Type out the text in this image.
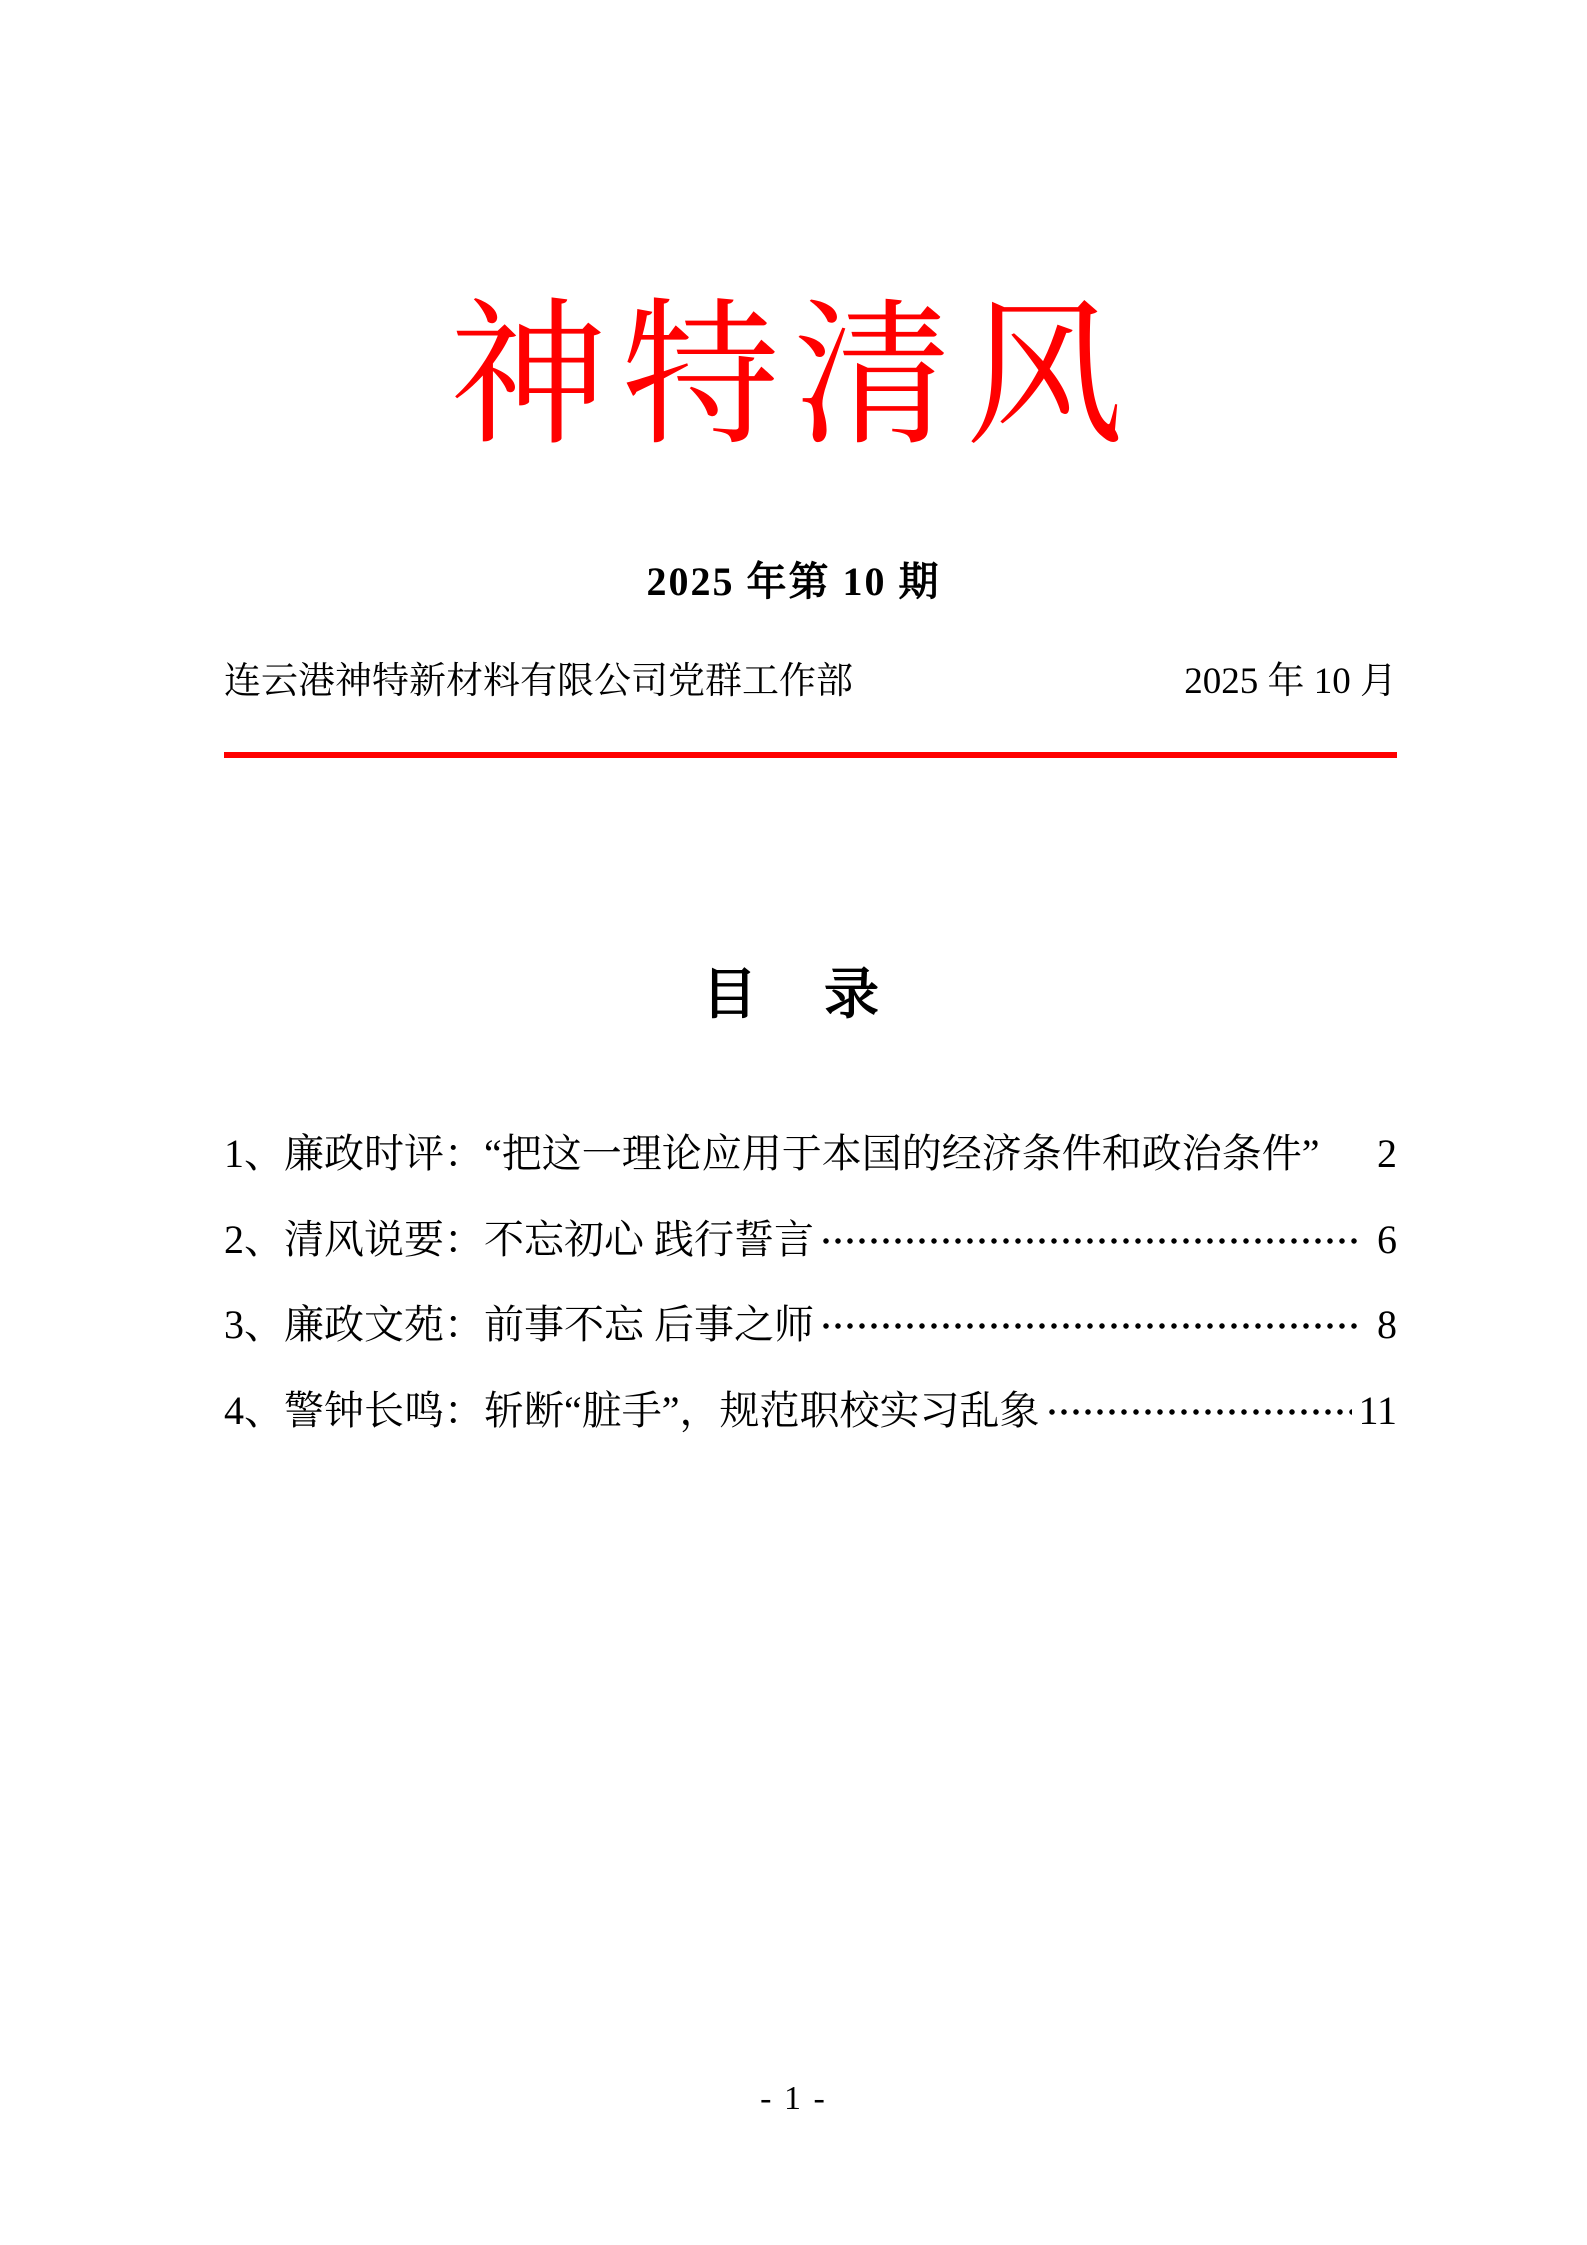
神特清风
2025 年第 10 期
连云港神特新材料有限公司党群工作部	2025 年 10 月
目　录
1、廉政时评：“把这一理论应用于本国的经济条件和政治条件” 2
2、清风说要：不忘初心 践行誓言	6
3、廉政文苑：前事不忘 后事之师	8
4、警钟长鸣：斩断“脏手”，规范职校实习乱象	11
- 1 -
